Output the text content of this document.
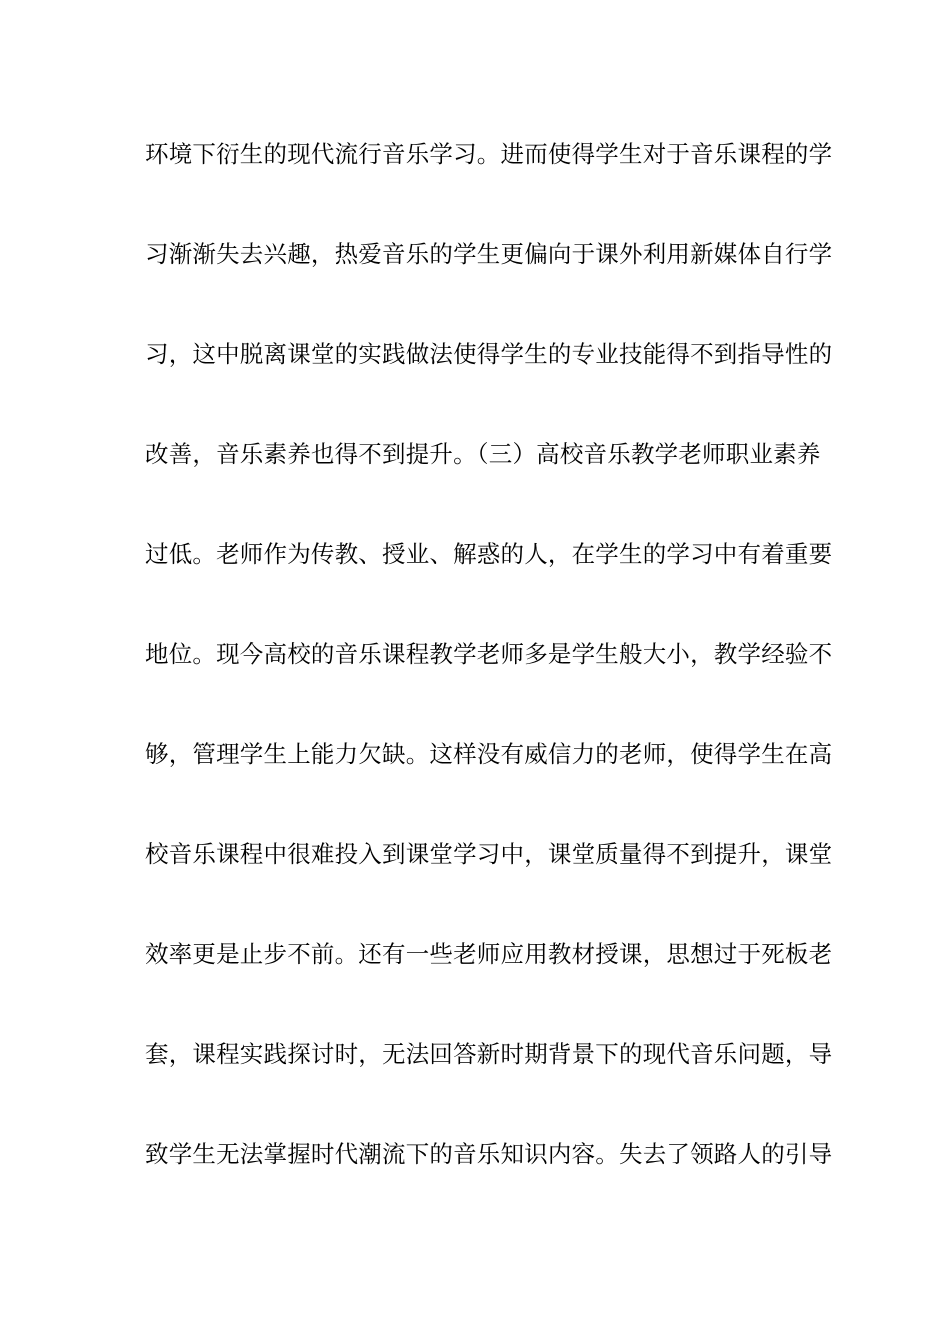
环境下衍生的现代流行音乐学习。进而使得学生对于音乐课程的学
习渐渐失去兴趣，热爱音乐的学生更偏向于课外利用新媒体自行学
习，这中脱离课堂的实践做法使得学生的专业技能得不到指导性的
改善，音乐素养也得不到提升。（三）高校音乐教学老师职业素养
过低。老师作为传教、授业、解惑的人，在学生的学习中有着重要
地位。现今高校的音乐课程教学老师多是学生般大小，教学经验不
够，管理学生上能力欠缺。这样没有威信力的老师，使得学生在高
校音乐课程中很难投入到课堂学习中，课堂质量得不到提升，课堂
效率更是止步不前。还有一些老师应用教材授课，思想过于死板老
套，课程实践探讨时，无法回答新时期背景下的现代音乐问题，导
致学生无法掌握时代潮流下的音乐知识内容。失去了领路人的引导
